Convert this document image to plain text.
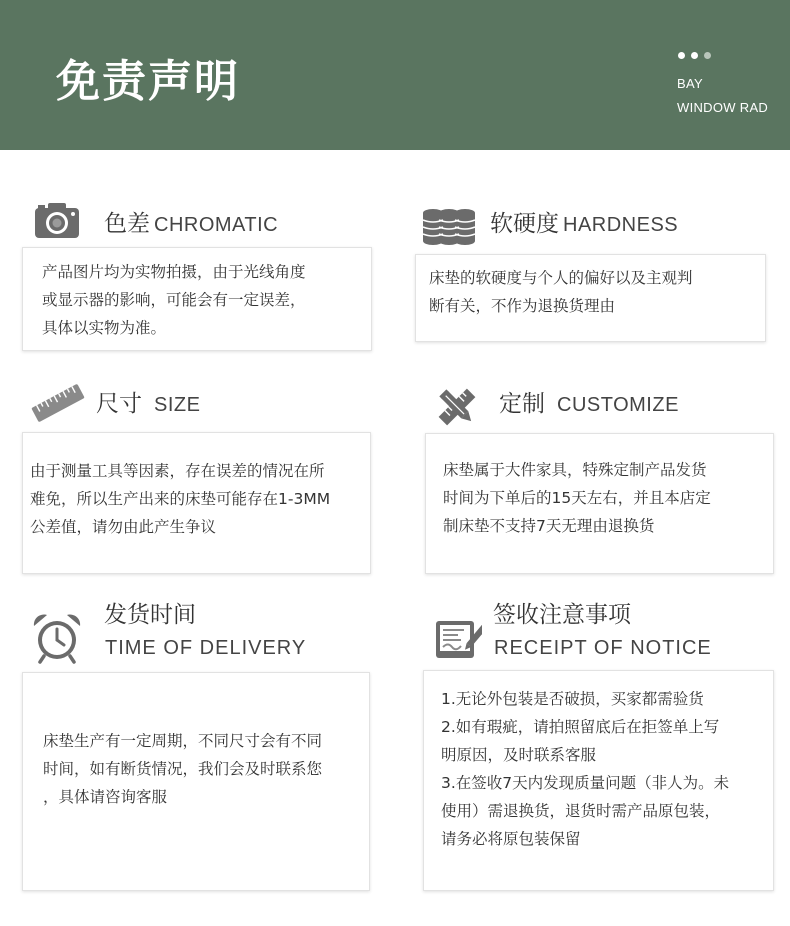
免责声明	BAY
WINDOW RAD
色差 CHROMATIC
产品图片均为实物拍摄，由于光线角度
或显示器的影响，可能会有一定误差，
具体以实物为准。
软硬度 HARDNESS
床垫的软硬度与个人的偏好以及主观判
断有关，不作为退换货理由
尺寸 SIZE
由于测量工具等因素，存在误差的情况在所
难免，所以生产出来的床垫可能存在1-3MM
公差值，请勿由此产生争议
定制 CUSTOMIZE
床垫属于大件家具，特殊定制产品发货
时间为下单后的15天左右，并且本店定
制床垫不支持7天无理由退换货
发货时间
TIME OF DELIVERY
床垫生产有一定周期，不同尺寸会有不同
时间，如有断货情况，我们会及时联系您
，具体请咨询客服
签收注意事项
RECEIPT OF NOTICE
1.无论外包装是否破损，买家都需验货
2.如有瑕疵，请拍照留底后在拒签单上写
明原因，及时联系客服
3.在签收7天内发现质量问题（非人为。未
使用）需退换货，退货时需产品原包装，
请务必将原包装保留
